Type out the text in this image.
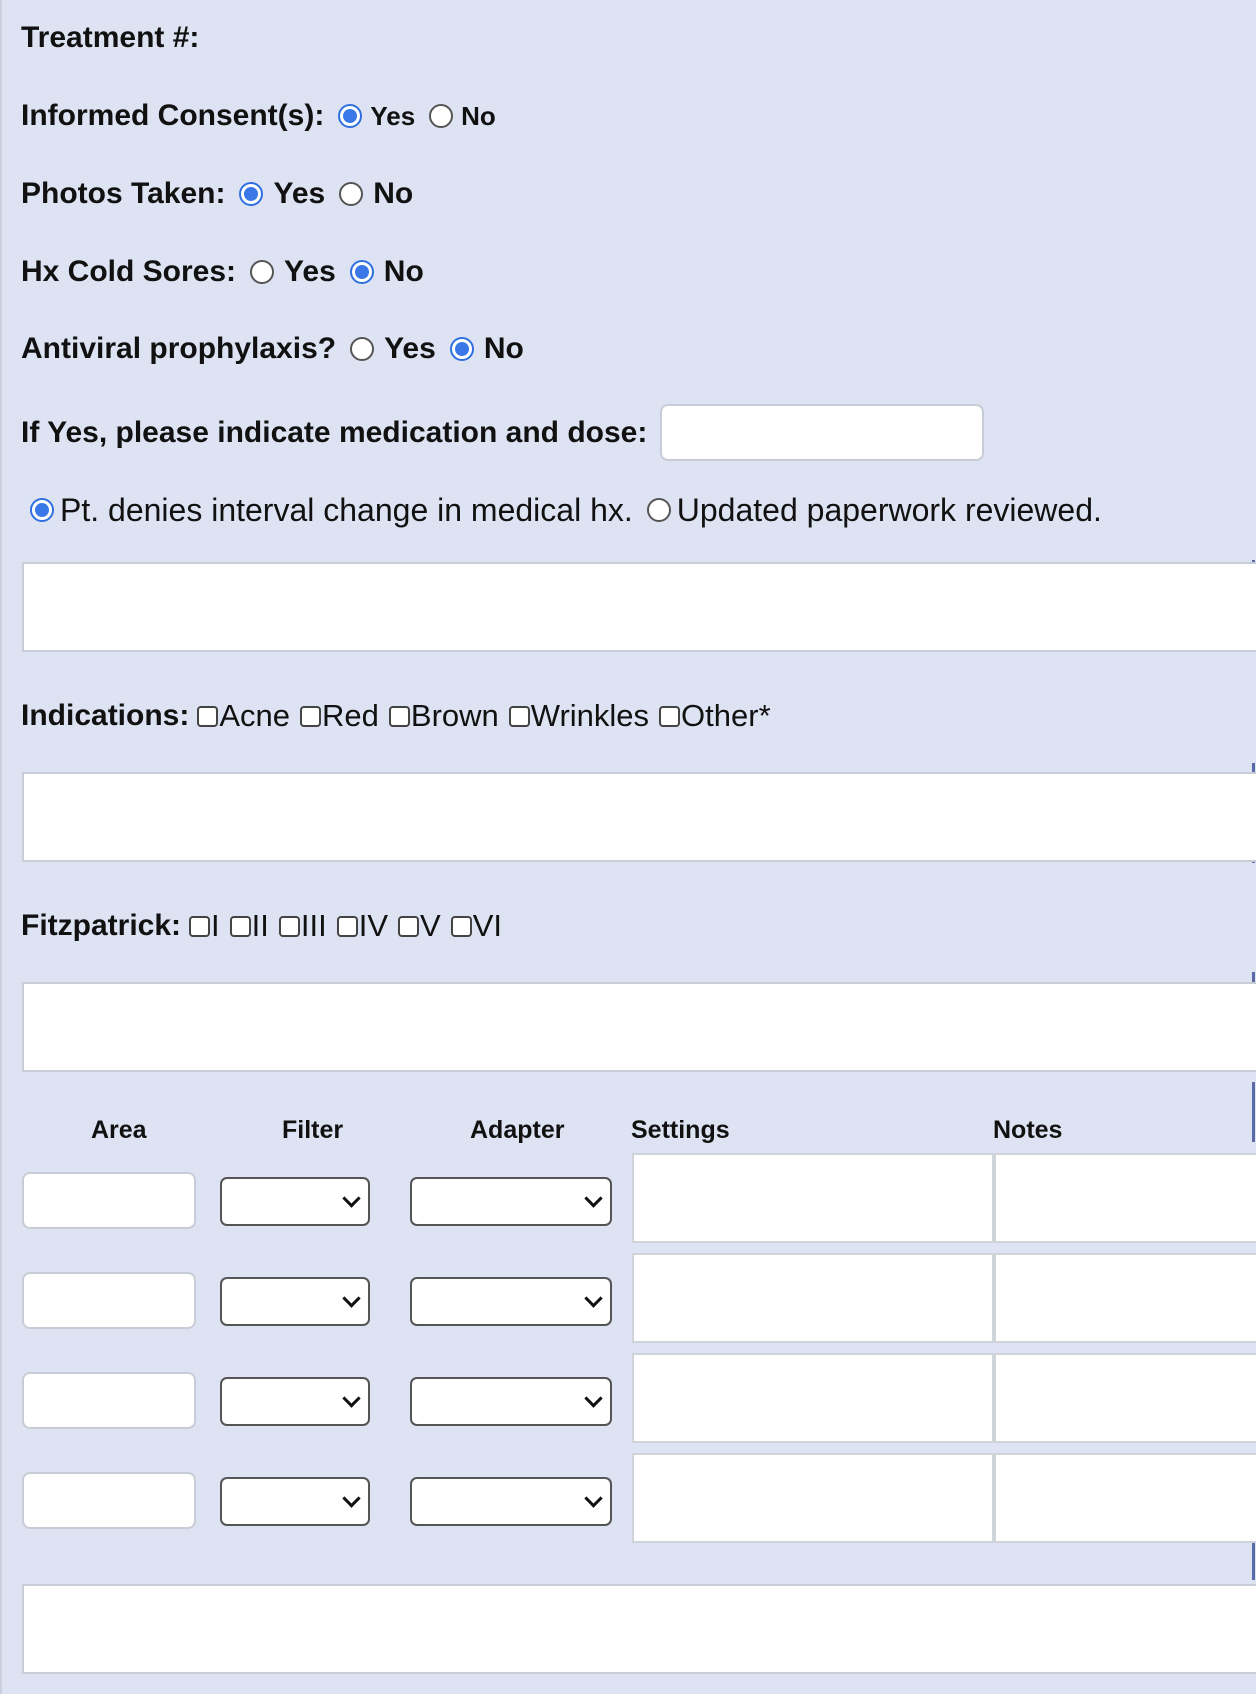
Treatment #:
Informed Consent(s): Yes No
Photos Taken: Yes No
Hx Cold Sores: Yes No
Antiviral prophylaxis? Yes No
If Yes, please indicate medication and dose:
Pt. denies interval change in medical hx. Updated paperwork reviewed.
Indications: Acne Red Brown Wrinkles Other*
Fitzpatrick: I II III IV V VI
Area	Filter	Adapter	Settings	Notes
